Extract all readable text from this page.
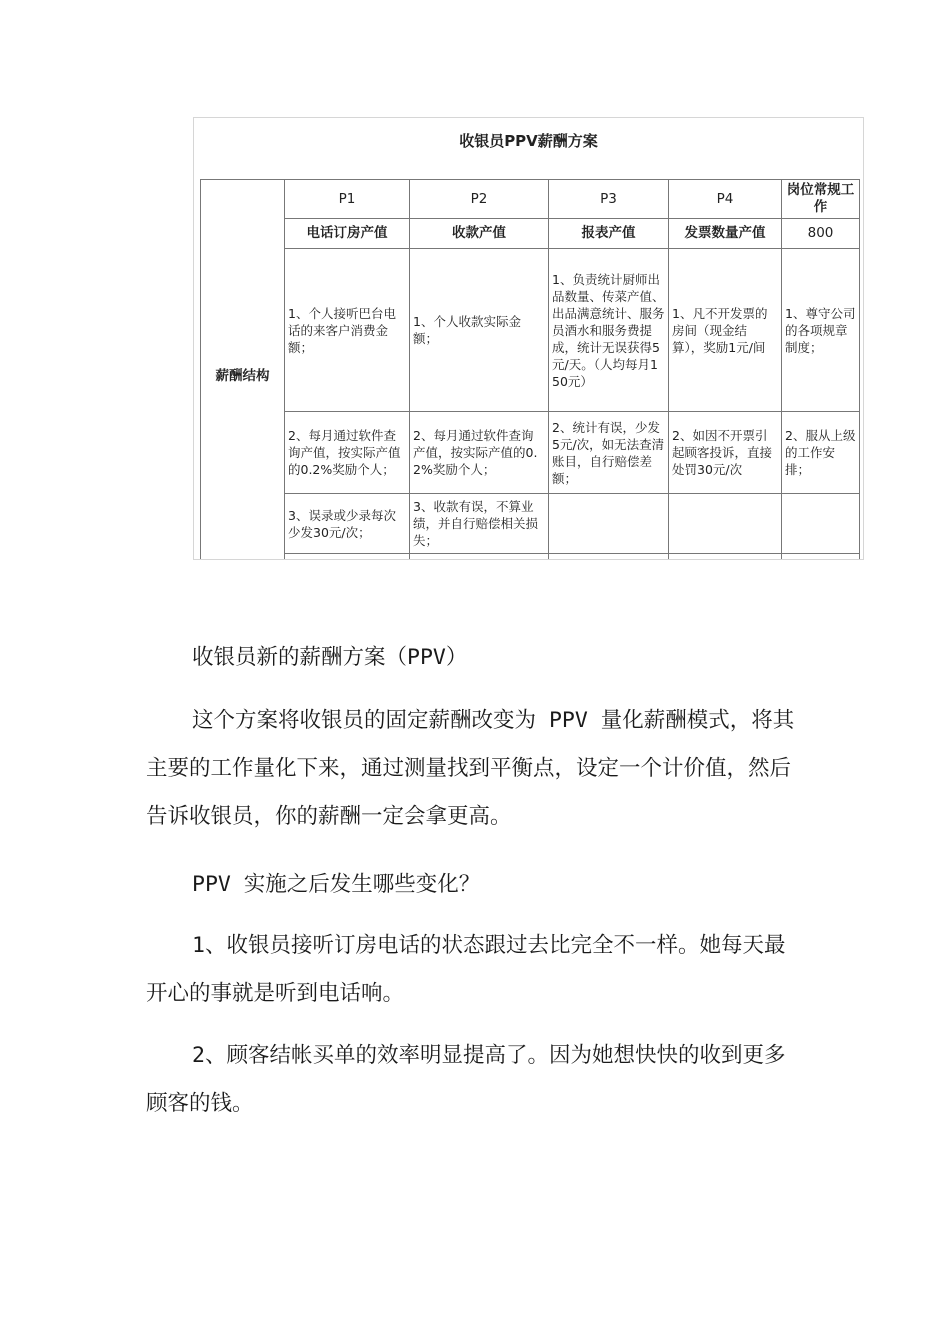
收银员PPV薪酬方案
薪酬结构	P1	P2	P3	P4	岗位常规工作
	电话订房产值	收款产值	报表产值	发票数量产值	800
	1、个人接听巴台电话的来客户消费金额；	1、个人收款实际金额；	1、负责统计厨师出品数量、传菜产值、出品满意统计、服务员酒水和服务费提成，统计无误获得5元/天。（人均每月150元）	1、凡不开发票的房间（现金结算），奖励1元/间	1、尊守公司的各项规章制度；
	2、每月通过软件查询产值，按实际产值的0.2%奖励个人；	2、每月通过软件查询产值，按实际产值的0.2%奖励个人；	2、统计有误，少发5元/次，如无法查清账目，自行赔偿差额；	2、如因不开票引起顾客投诉，直接处罚30元/次	2、服从上级的工作安排；
	3、误录或少录每次少发30元/次；	3、收款有误，不算业绩，并自行赔偿相关损失；			

收银员新的薪酬方案（PPV）

这个方案将收银员的固定薪酬改变为 PPV 量化薪酬模式，将其主要的工作量化下来，通过测量找到平衡点，设定一个计价值，然后告诉收银员，你的薪酬一定会拿更高。

PPV 实施之后发生哪些变化？

1、收银员接听订房电话的状态跟过去比完全不一样。她每天最开心的事就是听到电话响。

2、顾客结帐买单的效率明显提高了。因为她想快快的收到更多顾客的钱。
